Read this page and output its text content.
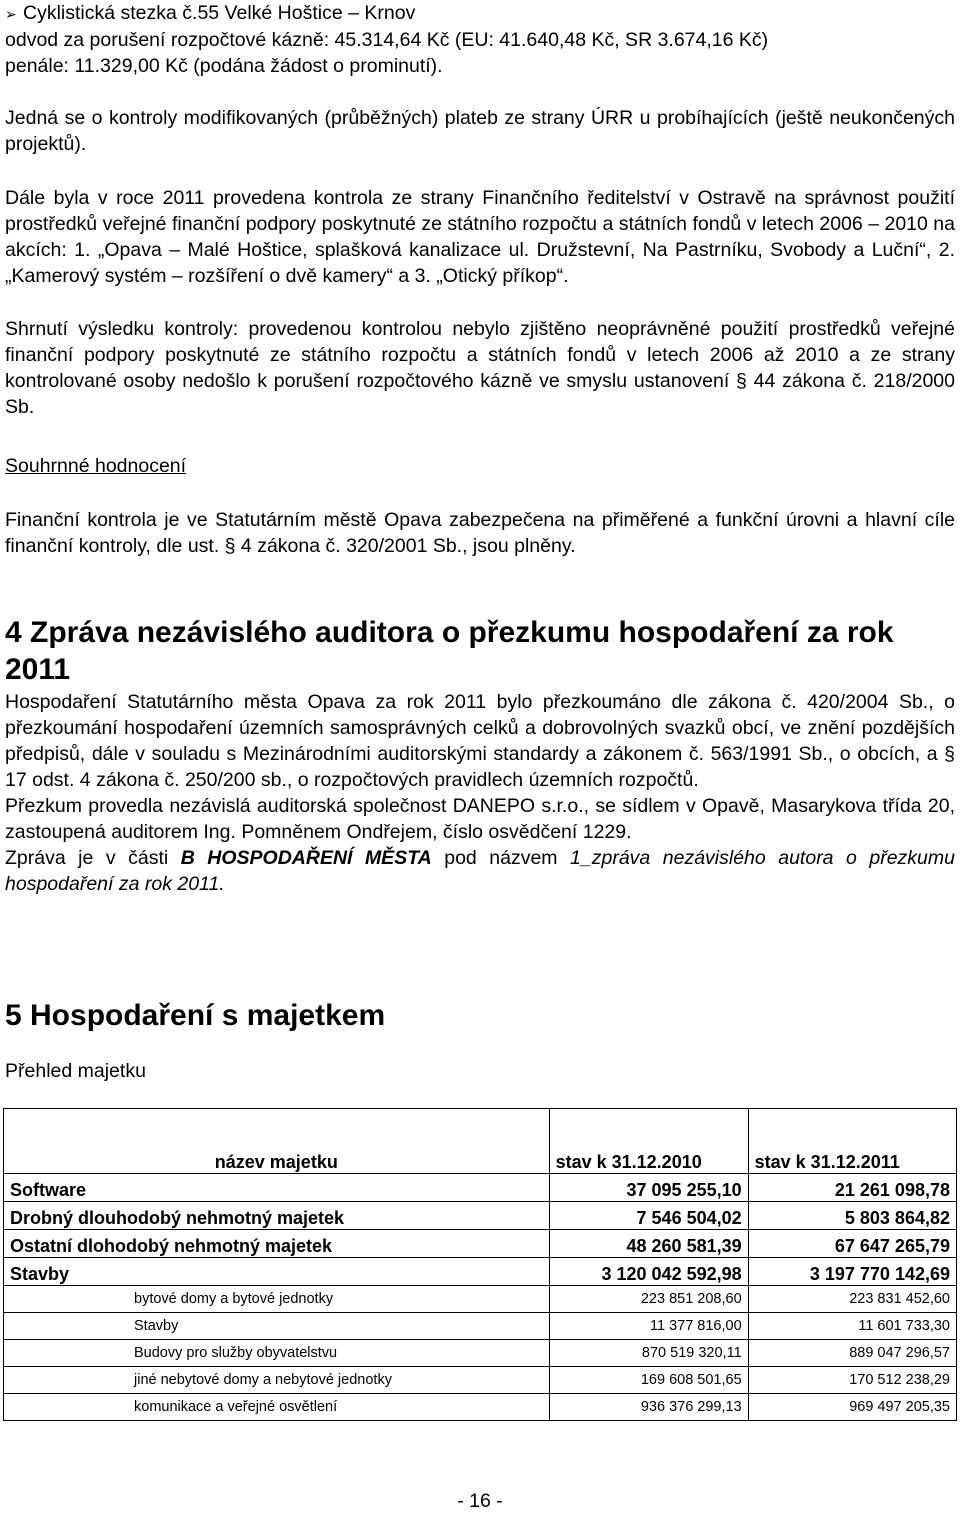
➢ Cyklistická stezka č.55 Velké Hoštice – Krnov
odvod za porušení rozpočtové kázně: 45.314,64 Kč (EU: 41.640,48 Kč, SR 3.674,16 Kč)
penále: 11.329,00 Kč (podána žádost o prominutí).
Jedná se o kontroly modifikovaných (průběžných) plateb ze strany ÚRR u probíhajících (ještě neukončených projektů).
Dále byla v roce 2011 provedena kontrola ze strany Finančního ředitelství v Ostravě na správnost použití prostředků veřejné finanční podpory poskytnuté ze státního rozpočtu a státních fondů v letech 2006 – 2010 na akcích: 1. „Opava – Malé Hoštice, splašková kanalizace ul. Družstevní, Na Pastrníku, Svobody a Luční“, 2. „Kamerový systém – rozšíření o dvě kamery“ a 3. „Otický příkop“.
Shrnutí výsledku kontroly: provedenou kontrolou nebylo zjištěno neoprávněné použití prostředků veřejné finanční podpory poskytnuté ze státního rozpočtu a státních fondů v letech 2006 až 2010 a ze strany kontrolované osoby nedošlo k porušení rozpočtového kázně ve smyslu ustanovení § 44 zákona č. 218/2000 Sb.
Souhrnné hodnocení
Finanční kontrola je ve Statutárním městě Opava zabezpečena na přiměřené a funkční úrovni a hlavní cíle finanční kontroly, dle ust. § 4 zákona č. 320/2001 Sb., jsou plněny.
4 Zpráva nezávislého auditora o přezkumu hospodaření za rok 2011
Hospodaření Statutárního města Opava za rok 2011 bylo přezkoumáno dle zákona č. 420/2004 Sb., o přezkoumání hospodaření územních samosprávných celků a dobrovolných svazků obcí, ve znění pozdějších předpisů, dále v souladu s Mezinárodními auditorskými standardy a zákonem č. 563/1991 Sb., o obcích, a § 17 odst. 4 zákona č. 250/200 sb., o rozpočtových pravidlech územních rozpočtů.
Přezkum provedla nezávislá auditorská společnost DANEPO s.r.o., se sídlem v Opavě, Masarykova třída 20, zastoupená auditorem Ing. Pomněnem Ondřejem, číslo osvědčení 1229.
Zpráva je v části B HOSPODAŘENÍ MĚSTA pod názvem 1_zpráva nezávislého autora o přezkumu hospodaření za rok 2011.
5 Hospodaření s majetkem
Přehled majetku
název majetku	stav k 31.12.2010	stav k 31.12.2011
Software	37 095 255,10	21 261 098,78
Drobný dlouhodobý nehmotný majetek	7 546 504,02	5 803 864,82
Ostatní dlohodobý nehmotný majetek	48 260 581,39	67 647 265,79
Stavby	3 120 042 592,98	3 197 770 142,69
bytové domy a bytové jednotky	223 851 208,60	223 831 452,60
Stavby	11 377 816,00	11 601 733,30
Budovy pro služby obyvatelstvu	870 519 320,11	889 047 296,57
jiné nebytové domy a nebytové jednotky	169 608 501,65	170 512 238,29
komunikace a veřejné osvětlení	936 376 299,13	969 497 205,35
- 16 -
